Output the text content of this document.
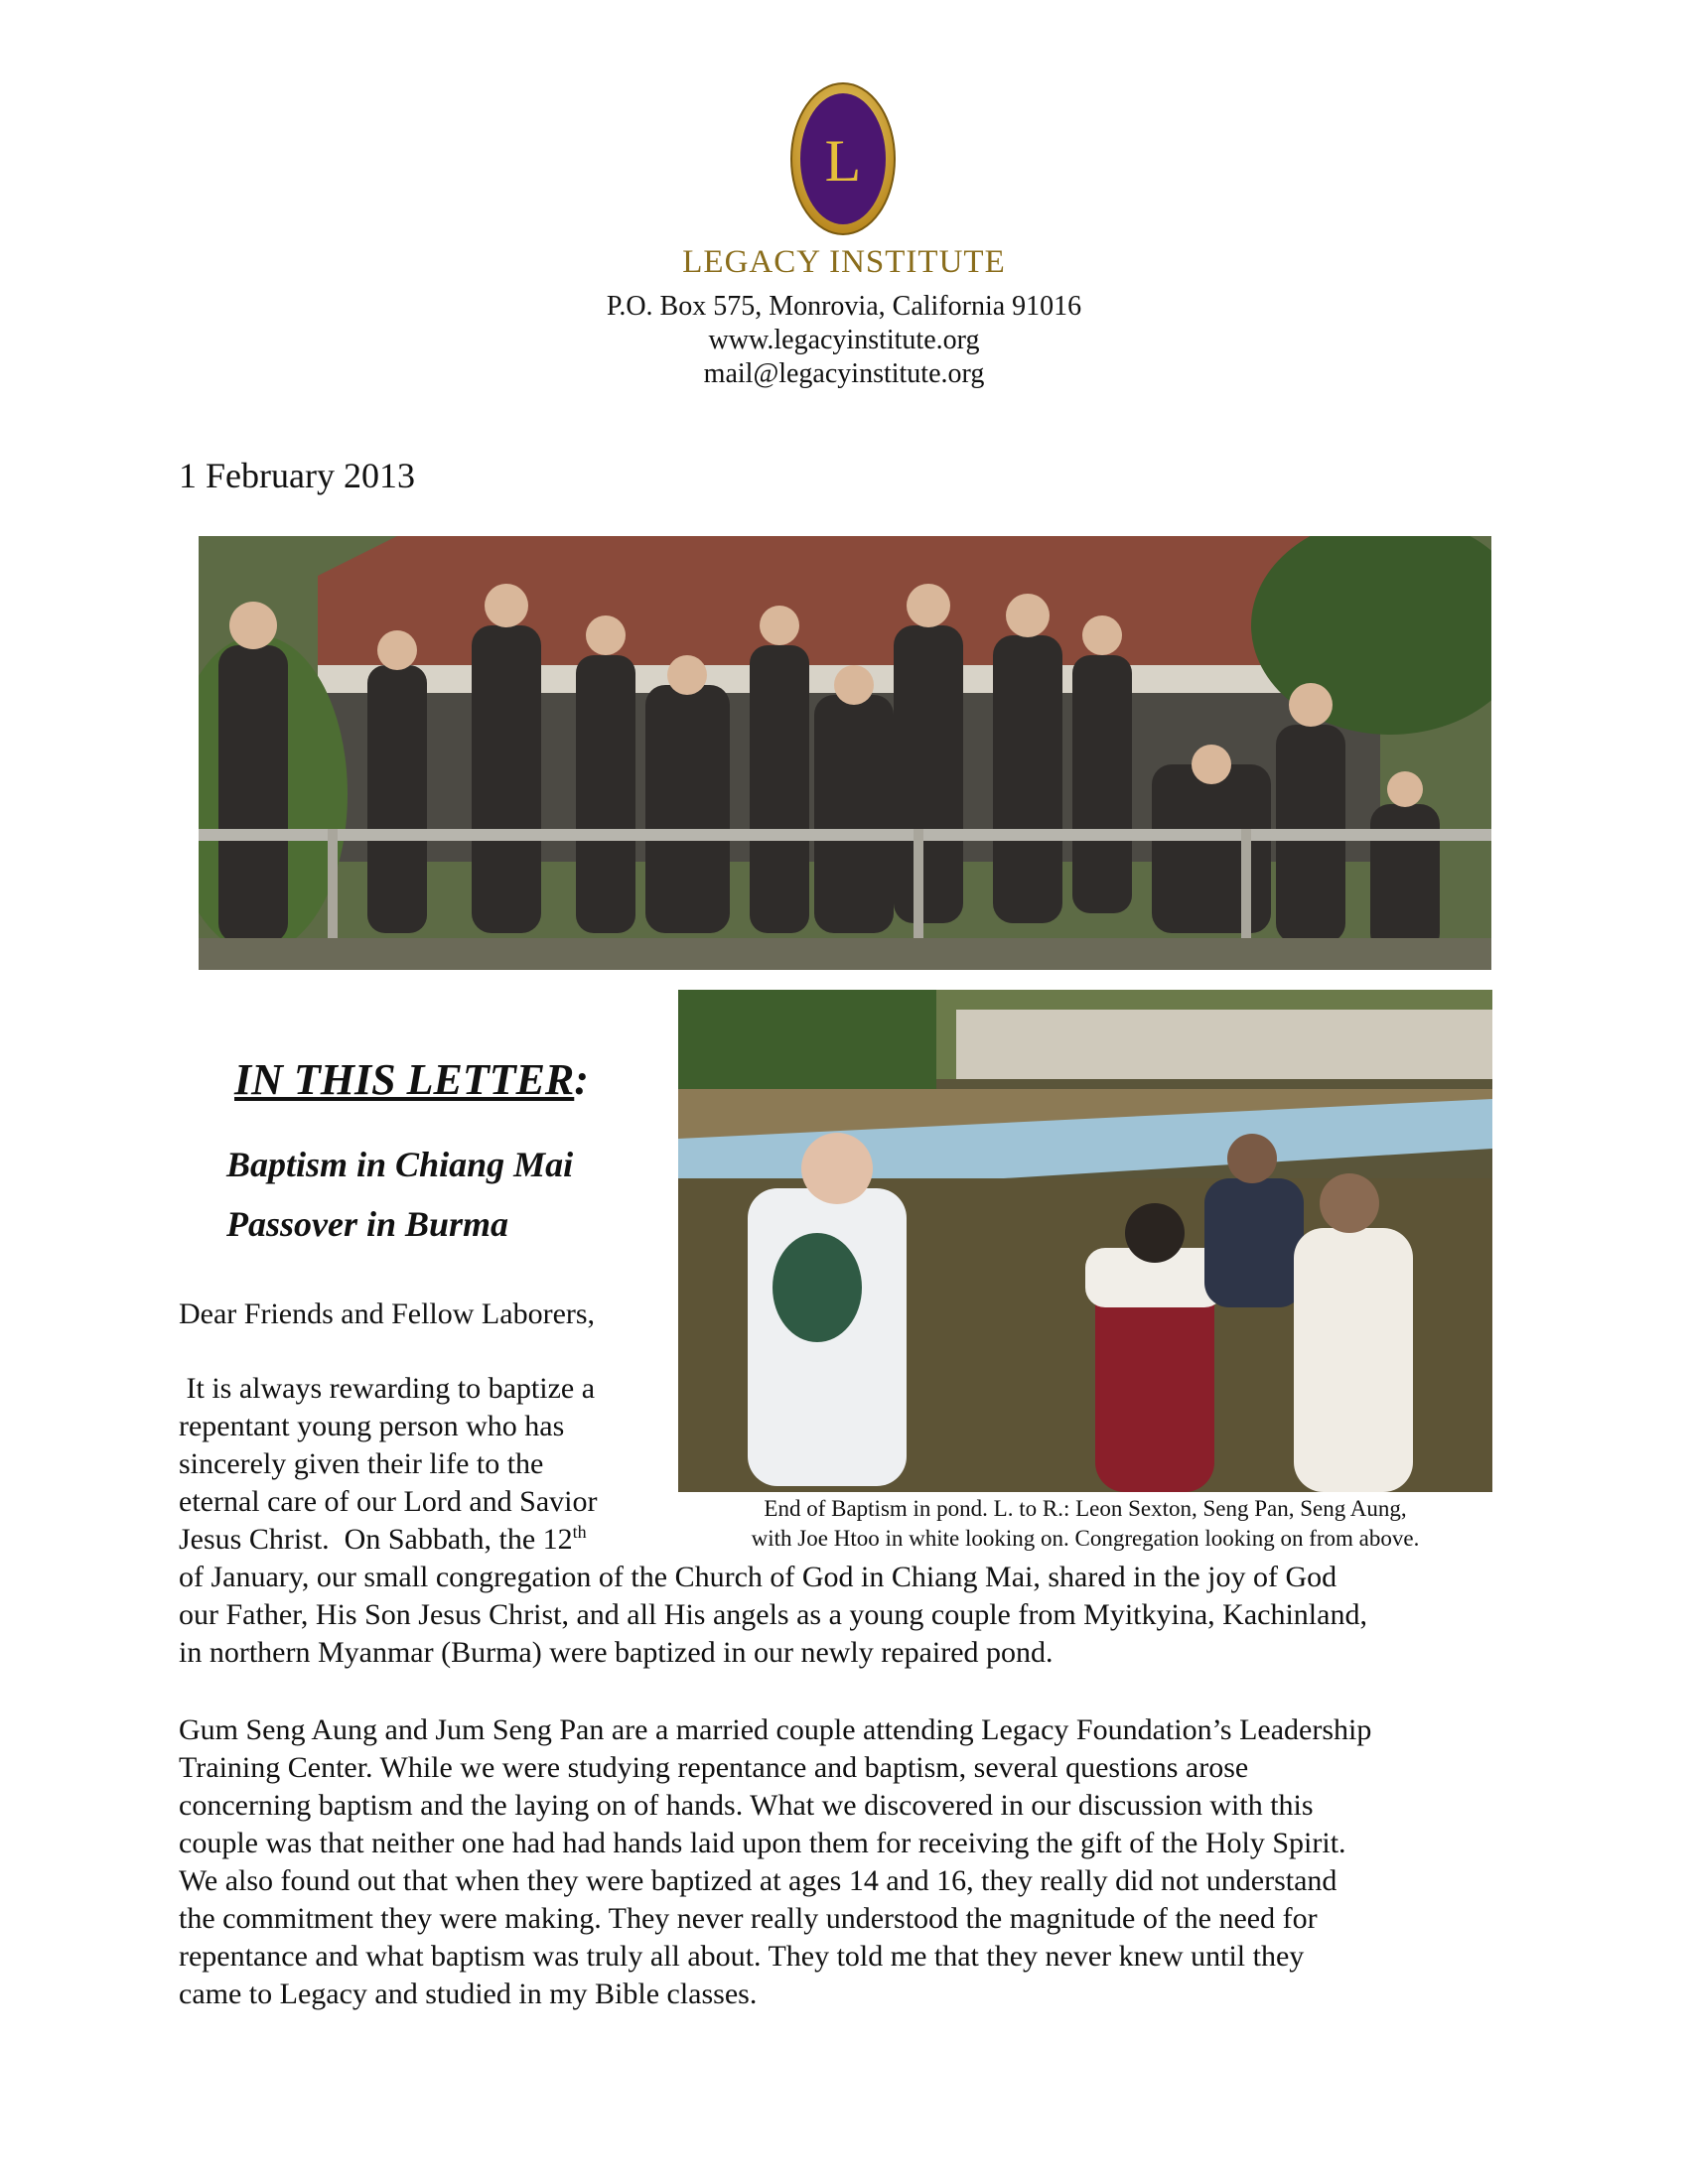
L
LEGACY INSTITUTE
P.O. Box 575, Monrovia, California 91016
www.legacyinstitute.org
mail@legacyinstitute.org
1 February 2013
IN THIS LETTER:
Baptism in Chiang Mai
Passover in Burma
End of Baptism in pond. L. to R.: Leon Sexton, Seng Pan, Seng Aung,
with Joe Htoo in white looking on. Congregation looking on from above.
Dear Friends and Fellow Laborers,
It is always rewarding to baptize a
repentant young person who has
sincerely given their life to the
eternal care of our Lord and Savior
Jesus Christ.  On Sabbath, the 12th
of January, our small congregation of the Church of God in Chiang Mai, shared in the joy of God
our Father, His Son Jesus Christ, and all His angels as a young couple from Myitkyina, Kachinland,
in northern Myanmar (Burma) were baptized in our newly repaired pond.
Gum Seng Aung and Jum Seng Pan are a married couple attending Legacy Foundation’s Leadership
Training Center. While we were studying repentance and baptism, several questions arose
concerning baptism and the laying on of hands. What we discovered in our discussion with this
couple was that neither one had had hands laid upon them for receiving the gift of the Holy Spirit.
We also found out that when they were baptized at ages 14 and 16, they really did not understand
the commitment they were making. They never really understood the magnitude of the need for
repentance and what baptism was truly all about. They told me that they never knew until they
came to Legacy and studied in my Bible classes.
